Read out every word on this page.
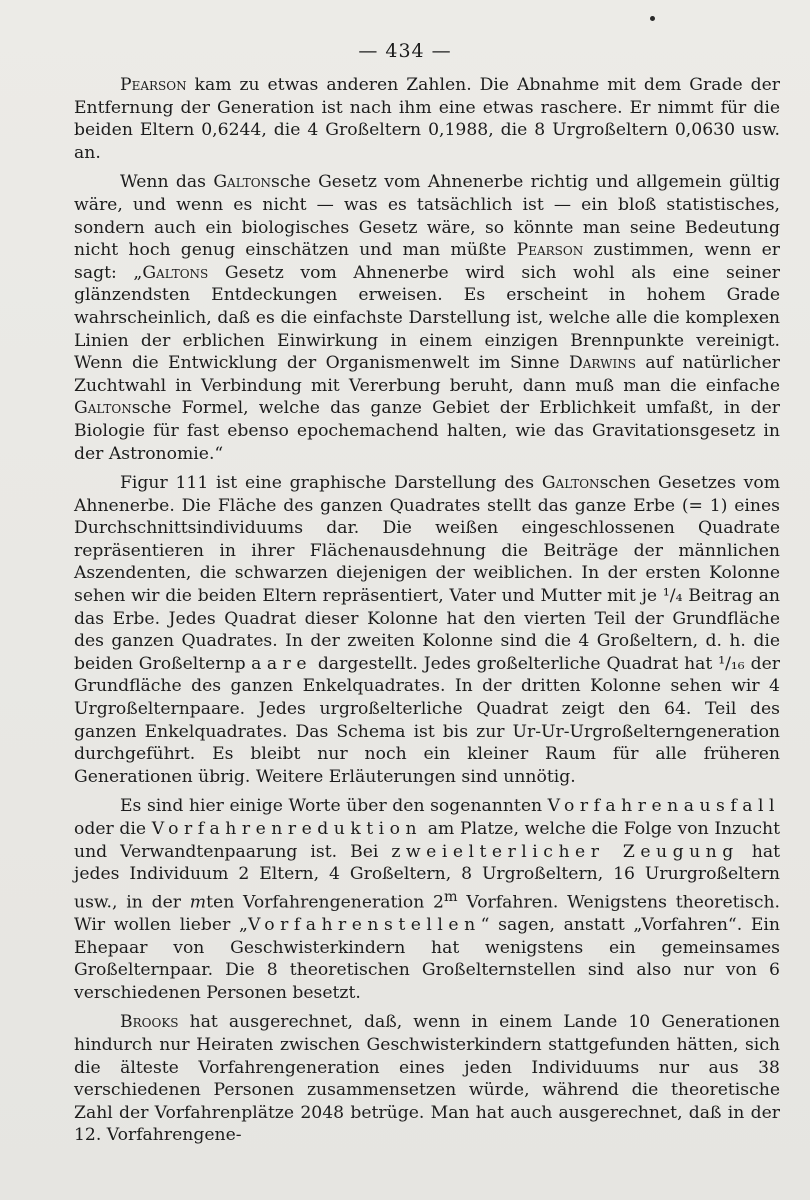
— 434 —

Pearson kam zu etwas anderen Zahlen. Die Abnahme mit dem Grade der Entfernung der Generation ist nach ihm eine etwas raschere. Er nimmt für die beiden Eltern 0,6244, die 4 Großeltern 0,1988, die 8 Urgroßeltern 0,0630 usw. an.

Wenn das Galtonsche Gesetz vom Ahnenerbe richtig und allgemein gültig wäre, und wenn es nicht — was es tatsächlich ist — ein bloß statistisches, sondern auch ein biologisches Gesetz wäre, so könnte man seine Bedeutung nicht hoch genug einschätzen und man müßte Pearson zustimmen, wenn er sagt: „Galtons Gesetz vom Ahnenerbe wird sich wohl als eine seiner glänzendsten Entdeckungen erweisen. Es erscheint in hohem Grade wahrscheinlich, daß es die einfachste Darstellung ist, welche alle die komplexen Linien der erblichen Einwirkung in einem einzigen Brennpunkte vereinigt. Wenn die Entwicklung der Organismenwelt im Sinne Darwins auf natürlicher Zuchtwahl in Verbindung mit Vererbung beruht, dann muß man die einfache Galtonsche Formel, welche das ganze Gebiet der Erblichkeit umfaßt, in der Biologie für fast ebenso epochemachend halten, wie das Gravitationsgesetz in der Astronomie.“

Figur 111 ist eine graphische Darstellung des Galtonschen Gesetzes vom Ahnenerbe. Die Fläche des ganzen Quadrates stellt das ganze Erbe (= 1) eines Durchschnittsindividuums dar. Die weißen eingeschlossenen Quadrate repräsentieren in ihrer Flächenausdehnung die Beiträge der männlichen Aszendenten, die schwarzen diejenigen der weiblichen. In der ersten Kolonne sehen wir die beiden Eltern repräsentiert, Vater und Mutter mit je ¹/₄ Beitrag an das Erbe. Jedes Quadrat dieser Kolonne hat den vierten Teil der Grundfläche des ganzen Quadrates. In der zweiten Kolonne sind die 4 Großeltern, d. h. die beiden Großelternpaare dargestellt. Jedes großelterliche Quadrat hat ¹/₁₆ der Grundfläche des ganzen Enkelquadrates. In der dritten Kolonne sehen wir 4 Urgroßelternpaare. Jedes urgroßelterliche Quadrat zeigt den 64. Teil des ganzen Enkelquadrates. Das Schema ist bis zur Ur-Ur-Urgroßelterngeneration durchgeführt. Es bleibt nur noch ein kleiner Raum für alle früheren Generationen übrig. Weitere Erläuterungen sind unnötig.

Es sind hier einige Worte über den sogenannten Vorfahrenausfall oder die Vorfahrenreduktion am Platze, welche die Folge von Inzucht und Verwandtenpaarung ist. Bei zweielterlicher Zeugung hat jedes Individuum 2 Eltern, 4 Großeltern, 8 Urgroßeltern, 16 Ururgroßeltern usw., in der mten Vorfahrengeneration 2$^m$ Vorfahren. Wenigstens theoretisch. Wir wollen lieber „Vorfahrenstellen“ sagen, anstatt „Vorfahren“. Ein Ehepaar von Geschwisterkindern hat wenigstens ein gemeinsames Großelternpaar. Die 8 theoretischen Großelternstellen sind also nur von 6 verschiedenen Personen besetzt.

Brooks hat ausgerechnet, daß, wenn in einem Lande 10 Generationen hindurch nur Heiraten zwischen Geschwisterkindern stattgefunden hätten, sich die älteste Vorfahrengeneration eines jeden Individuums nur aus 38 verschiedenen Personen zusammensetzen würde, während die theoretische Zahl der Vorfahrenplätze 2048 betrüge. Man hat auch ausgerechnet, daß in der 12. Vorfahrengene-
